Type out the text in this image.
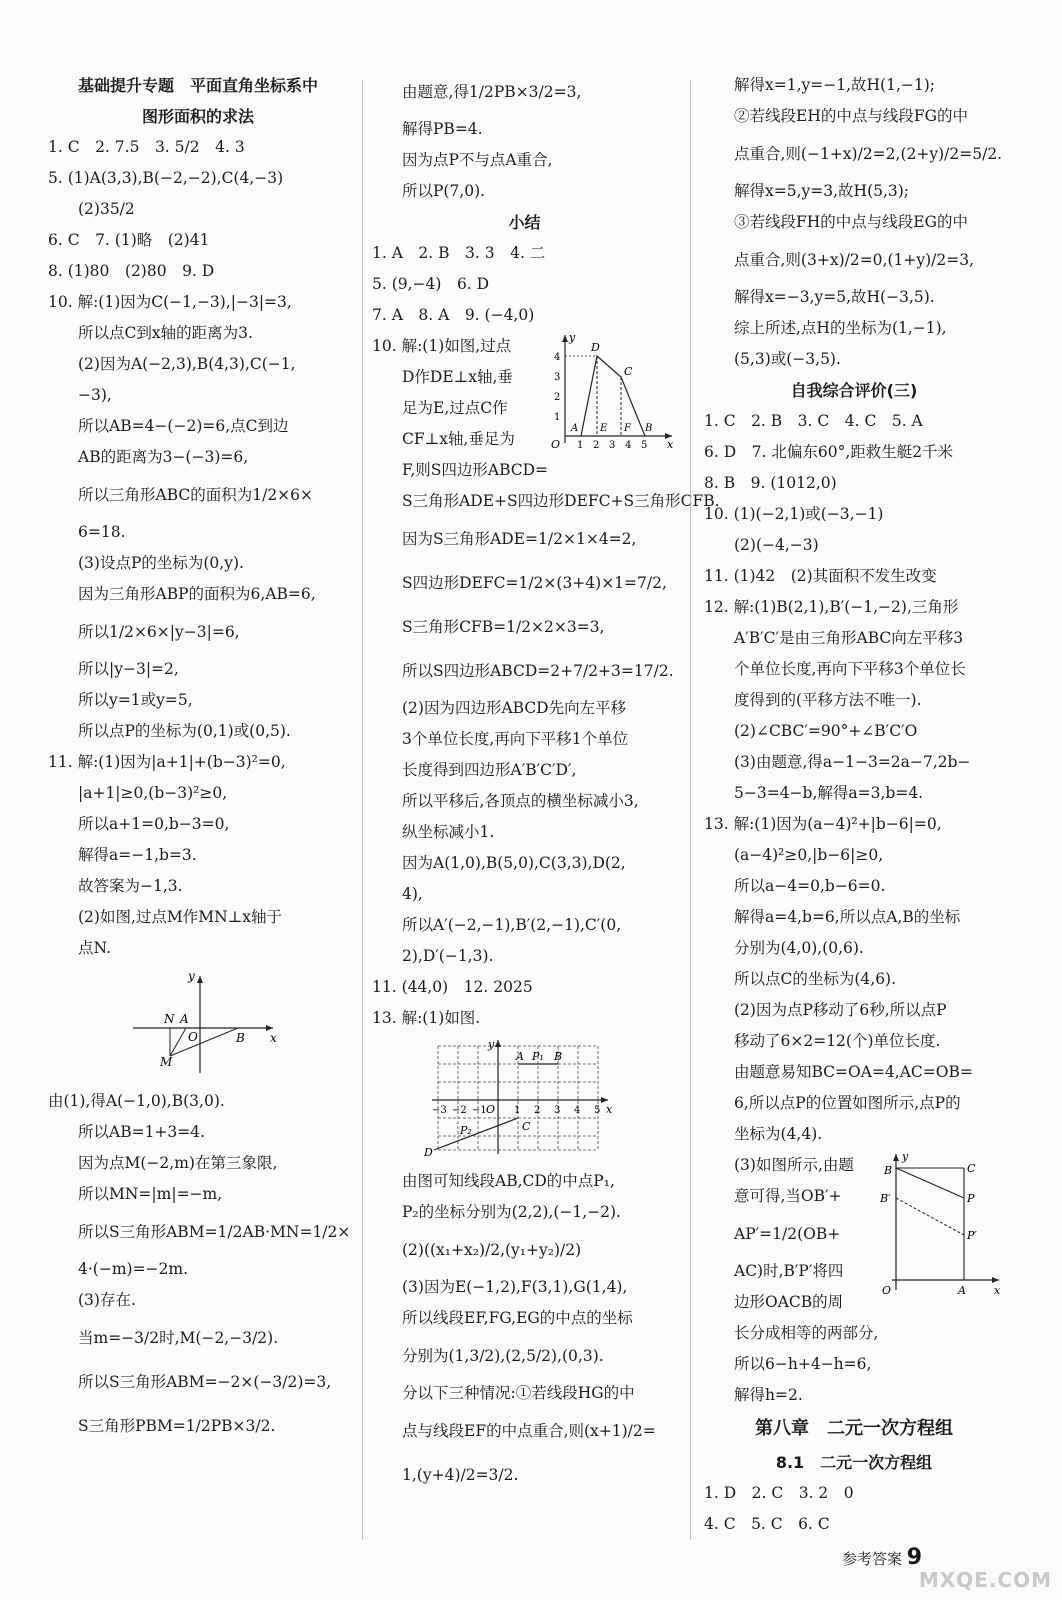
基础提升专题　平面直角坐标系中
图形面积的求法
1. C　2. 7.5　3. 5/2　4. 3
5. (1)A(3,3),B(−2,−2),C(4,−3)
(2)35/2
6. C　7. (1)略　(2)41
8. (1)80　(2)80　9. D
10. 解:(1)因为C(−1,−3),|−3|=3,
所以点C到x轴的距离为3.
(2)因为A(−2,3),B(4,3),C(−1,
−3),
所以AB=4−(−2)=6,点C到边
AB的距离为3−(−3)=6,
所以三角形ABC的面积为1/2×6×
6=18.
(3)设点P的坐标为(0,y).
因为三角形ABP的面积为6,AB=6,
所以1/2×6×|y−3|=6,
所以|y−3|=2,
所以y=1或y=5,
所以点P的坐标为(0,1)或(0,5).
11. 解:(1)因为|a+1|+(b−3)²=0,
|a+1|≥0,(b−3)²≥0,
所以a+1=0,b−3=0,
解得a=−1,b=3.
故答案为−1,3.
(2)如图,过点M作MN⊥x轴于
点N.
y
N A
O	B x
M
由(1),得A(−1,0),B(3,0).
所以AB=1+3=4.
因为点M(−2,m)在第三象限,
所以MN=|m|=−m,
所以S三角形ABM=1/2AB·MN=1/2×
4·(−m)=−2m.
(3)存在.
当m=−3/2时,M(−2,−3/2).
所以S三角形ABM=−2×(−3/2)=3,
S三角形PBM=1/2PB×3/2.
由题意,得1/2PB×3/2=3,
解得PB=4.
因为点P不与点A重合,
所以P(7,0).
小结
1. A　2. B　3. 3　4. 二
5. (9,−4)　6. D
7. A　8. A　9. (−4,0)
10. 解:(1)如图,过点
D作DE⊥x轴,垂
足为E,过点C作
CF⊥x轴,垂足为
F,则S四边形ABCD=
y
4
3
2
1
O
A E F B
x
D
C
1 2 3 4 5
S三角形ADE+S四边形DEFC+S三角形CFB.
因为S三角形ADE=1/2×1×4=2,
S四边形DEFC=1/2×(3+4)×1=7/2,
S三角形CFB=1/2×2×3=3,
所以S四边形ABCD=2+7/2+3=17/2.
(2)因为四边形ABCD先向左平移
3个单位长度,再向下平移1个单位
长度得到四边形A′B′C′D′,
所以平移后,各顶点的横坐标减小3,
纵坐标减小1.
因为A(1,0),B(5,0),C(3,3),D(2,
4),
所以A′(−2,−1),B′(2,−1),C′(0,
2),D′(−1,3).
11. (44,0)　12. 2025
13. 解:(1)如图.
y
A P₁ B
O	x
C
P₂
D
−3 −2 −1	1 2 3 4 5
由图可知线段AB,CD的中点P₁,
P₂的坐标分别为(2,2),(−1,−2).
(2)((x₁+x₂)/2,(y₁+y₂)/2)
(3)因为E(−1,2),F(3,1),G(1,4),
所以线段EF,FG,EG的中点的坐标
分别为(1,3/2),(2,5/2),(0,3).
分以下三种情况:①若线段HG的中
点与线段EF的中点重合,则(x+1)/2=
1,(y+4)/2=3/2.
解得x=1,y=−1,故H(1,−1);
②若线段EH的中点与线段FG的中
点重合,则(−1+x)/2=2,(2+y)/2=5/2.
解得x=5,y=3,故H(5,3);
③若线段FH的中点与线段EG的中
点重合,则(3+x)/2=0,(1+y)/2=3,
解得x=−3,y=5,故H(−3,5).
综上所述,点H的坐标为(1,−1),
(5,3)或(−3,5).
自我综合评价(三)
1. C　2. B　3. C　4. C　5. A
6. D　7. 北偏东60°,距救生艇2千米
8. B　9. (1012,0)
10. (1)(−2,1)或(−3,−1)
(2)(−4,−3)
11. (1)42　(2)其面积不发生改变
12. 解:(1)B(2,1),B′(−1,−2),三角形
A′B′C′是由三角形ABC向左平移3
个单位长度,再向下平移3个单位长
度得到的(平移方法不唯一).
(2)∠CBC′=90°+∠B′C′O
(3)由题意,得a−1−3=2a−7,2b−
5−3=4−b,解得a=3,b=4.
13. 解:(1)因为(a−4)²+|b−6|=0,
(a−4)²≥0,|b−6|≥0,
所以a−4=0,b−6=0.
解得a=4,b=6,所以点A,B的坐标
分别为(4,0),(0,6).
所以点C的坐标为(4,6).
(2)因为点P移动了6秒,所以点P
移动了6×2=12(个)单位长度.
由题意易知BC=OA=4,AC=OB=
6,所以点P的位置如图所示,点P的
坐标为(4,4).
(3)如图所示,由题
意可得,当OB′+
AP′=1/2(OB+
AC)时,B′P′将四
边形OACB的周
y
B	C
B′	P
P′
O	A	x
长分成相等的两部分,
所以6−h+4−h=6,
解得h=2.
第八章　二元一次方程组
8.1　二元一次方程组
1. D　2. C　3. 2　0
4. C　5. C　6. C
参考答案 9
MXQE.COM
